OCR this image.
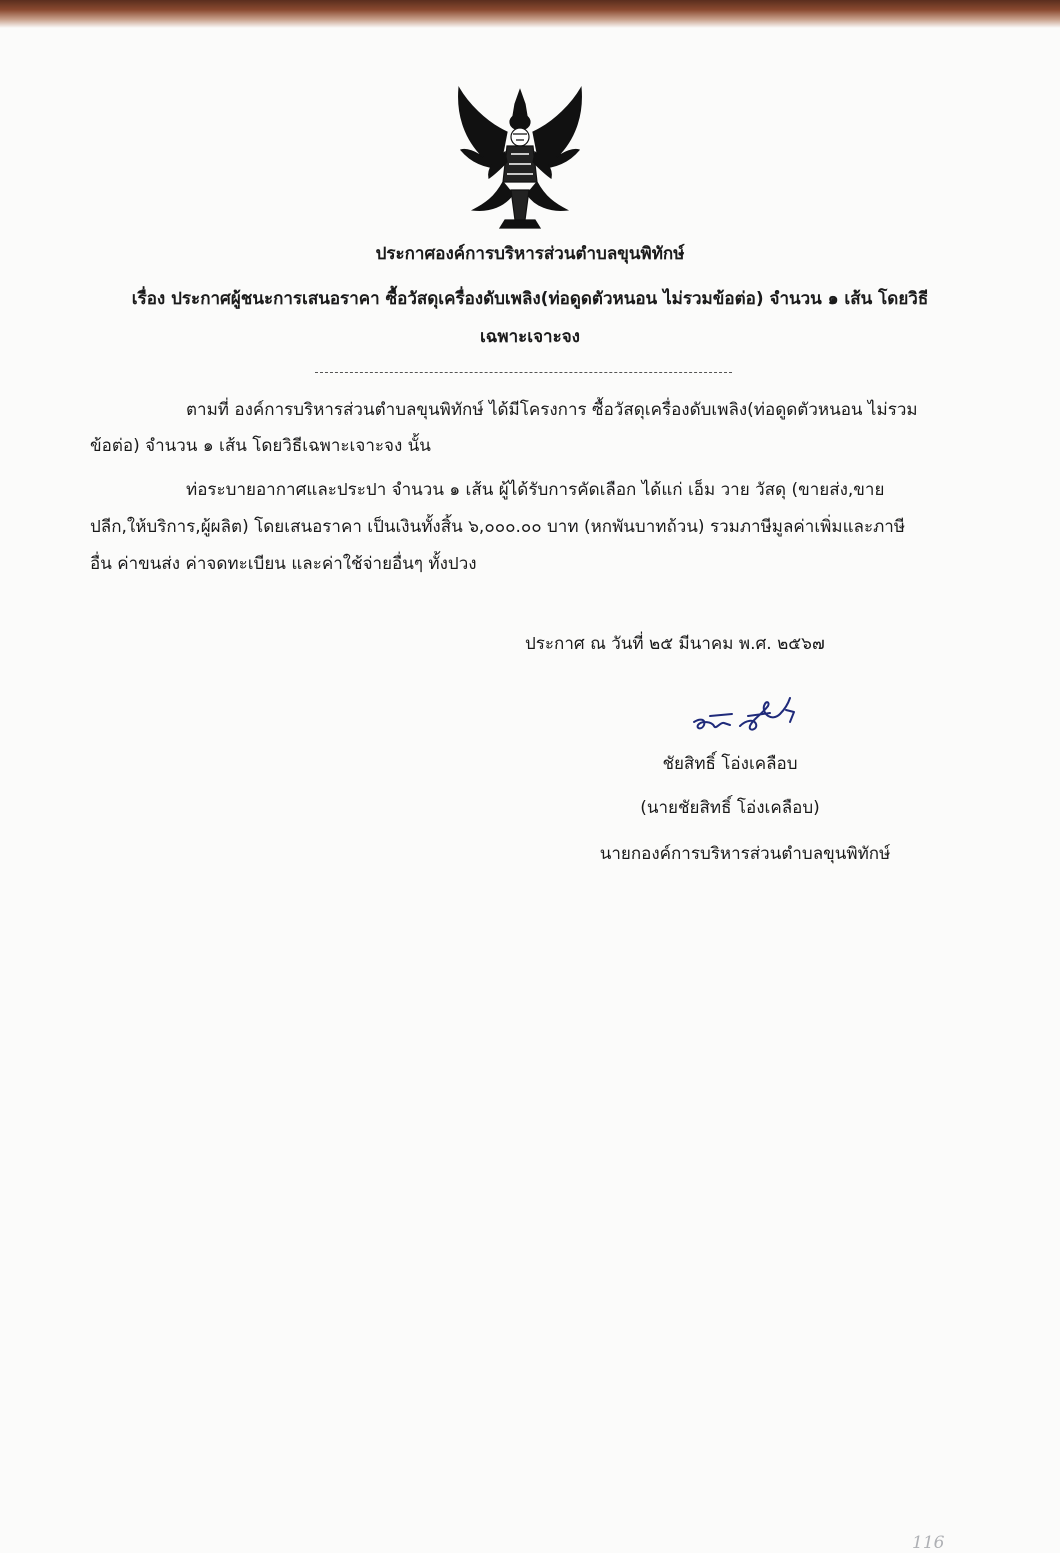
ประกาศองค์การบริหารส่วนตำบลขุนพิทักษ์
เรื่อง ประกาศผู้ชนะการเสนอราคา ซื้อวัสดุเครื่องดับเพลิง(ท่อดูดตัวหนอน ไม่รวมข้อต่อ) จำนวน ๑ เส้น โดยวิธี
เฉพาะเจาะจง
ตามที่ องค์การบริหารส่วนตำบลขุนพิทักษ์ ได้มีโครงการ ซื้อวัสดุเครื่องดับเพลิง(ท่อดูดตัวหนอน ไม่รวม
ข้อต่อ) จำนวน ๑ เส้น โดยวิธีเฉพาะเจาะจง นั้น
ท่อระบายอากาศและประปา จำนวน ๑ เส้น ผู้ได้รับการคัดเลือก ได้แก่ เอ็ม วาย วัสดุ (ขายส่ง,ขาย
ปลีก,ให้บริการ,ผู้ผลิต) โดยเสนอราคา เป็นเงินทั้งสิ้น ๖,๐๐๐.๐๐ บาท (หกพันบาทถ้วน) รวมภาษีมูลค่าเพิ่มและภาษี
อื่น ค่าขนส่ง ค่าจดทะเบียน และค่าใช้จ่ายอื่นๆ ทั้งปวง
ประกาศ ณ วันที่ ๒๕ มีนาคม พ.ศ. ๒๕๖๗
ชัยสิทธิ์ โอ่งเคลือบ
(นายชัยสิทธิ์ โอ่งเคลือบ)
นายกองค์การบริหารส่วนตำบลขุนพิทักษ์
116
